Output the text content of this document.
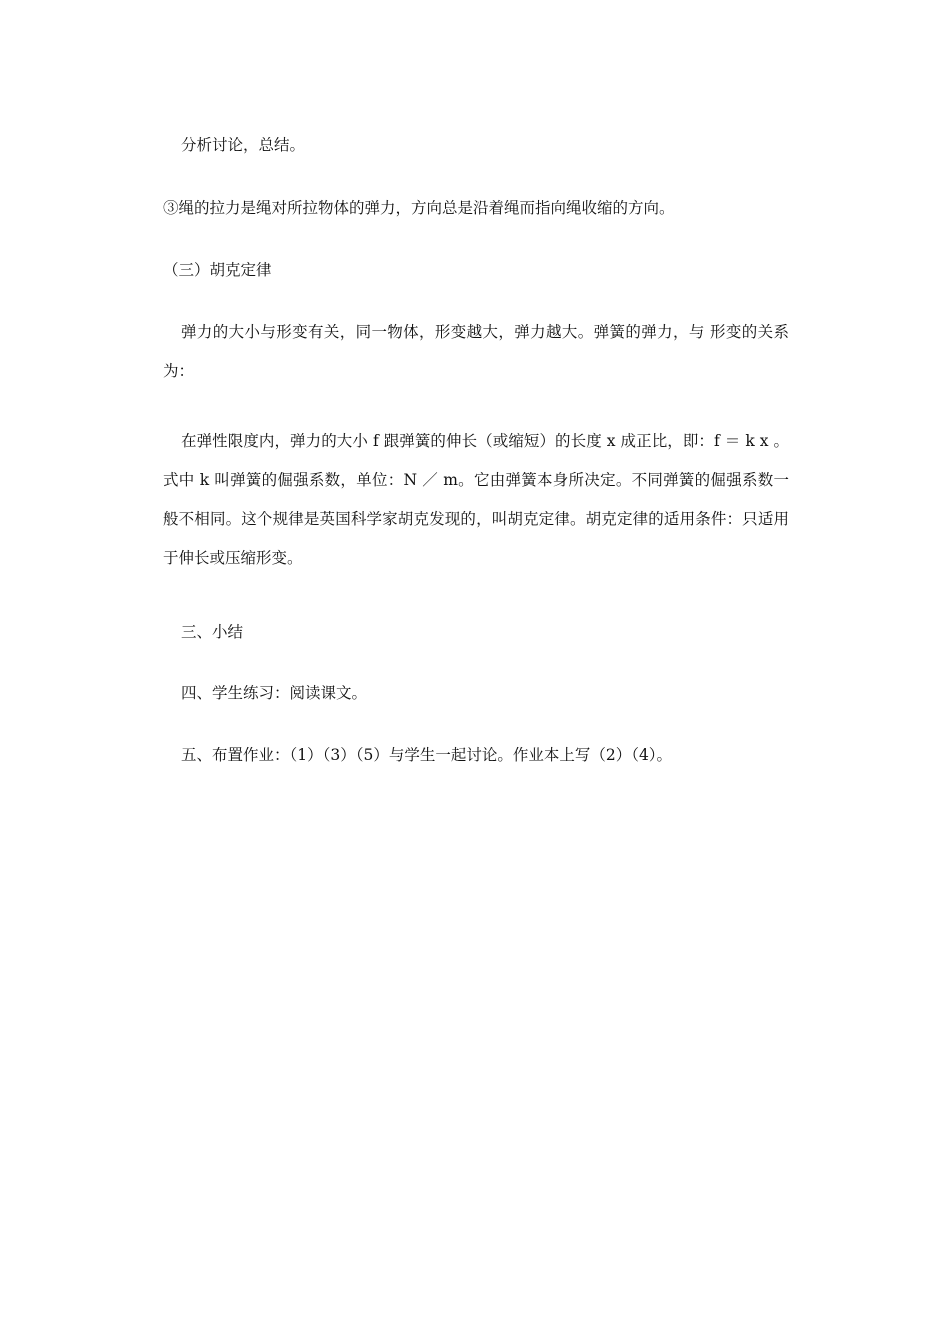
分析讨论，总结。

③绳的拉力是绳对所拉物体的弹力，方向总是沿着绳而指向绳收缩的方向。

（三）胡克定律

弹力的大小与形变有关，同一物体，形变越大，弹力越大。弹簧的弹力，与 形变的关系为：

在弹性限度内，弹力的大小 f 跟弹簧的伸长（或缩短）的长度 x 成正比，即：f ＝ k x 。式中 k 叫弹簧的倔强系数，单位：N ／ m。它由弹簧本身所决定。不同弹簧的倔强系数一般不相同。这个规律是英国科学家胡克发现的，叫胡克定律。胡克定律的适用条件：只适用于伸长或压缩形变。

三、小结

四、学生练习：阅读课文。

五、布置作业：（1）（3）（5）与学生一起讨论。作业本上写（2）（4）。
